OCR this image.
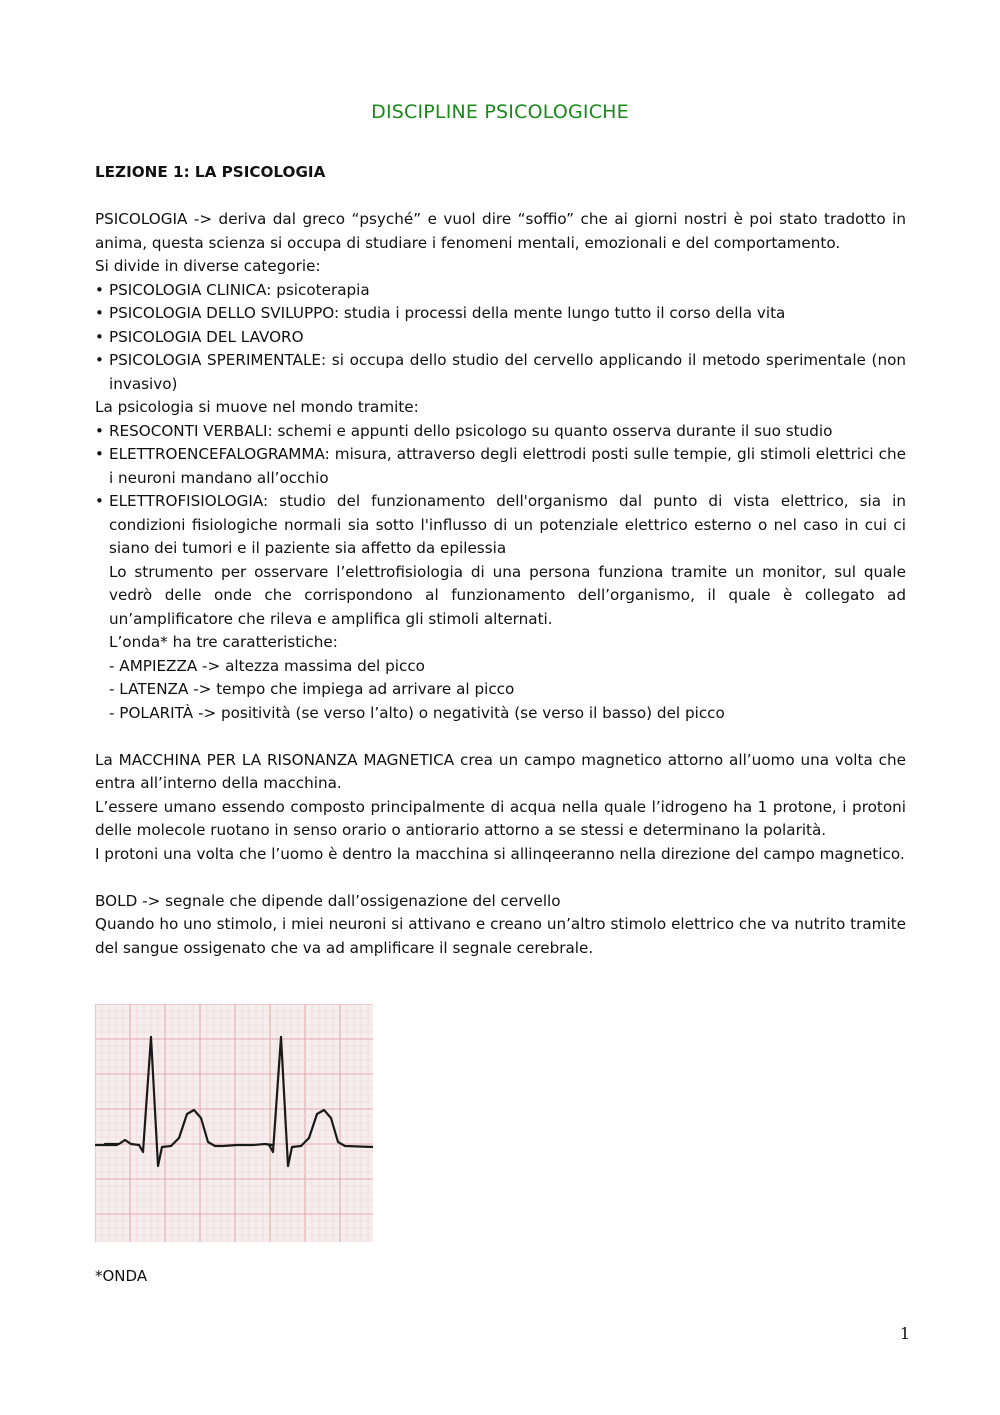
DISCIPLINE PSICOLOGICHE
LEZIONE 1: LA PSICOLOGIA

PSICOLOGIA -> deriva dal greco “psyché” e vuol dire “soffio” che ai giorni nostri è poi stato tradotto in anima, questa scienza si occupa di studiare i fenomeni mentali, emozionali e del comportamento.

Si divide in diverse categorie:

• PSICOLOGIA CLINICA: psicoterapia
• PSICOLOGIA DELLO SVILUPPO: studia i processi della mente lungo tutto il corso della vita
• PSICOLOGIA DEL LAVORO
• PSICOLOGIA SPERIMENTALE: si occupa dello studio del cervello applicando il metodo sperimentale (non invasivo)

La psicologia si muove nel mondo tramite:

• RESOCONTI VERBALI: schemi e appunti dello psicologo su quanto osserva durante il suo studio
• ELETTROENCEFALOGRAMMA: misura, attraverso degli elettrodi posti sulle tempie, gli stimoli elettrici che i neuroni mandano all’occhio
• ELETTROFISIOLOGIA: studio del funzionamento dell'organismo dal punto di vista elettrico, sia in condizioni fisiologiche normali sia sotto l'influsso di un potenziale elettrico esterno o nel caso in cui ci siano dei tumori e il paziente sia affetto da epilessia

Lo strumento per osservare l’elettrofisiologia di una persona funziona tramite un monitor, sul quale vedrò delle onde che corrispondono al funzionamento dell’organismo, il quale è collegato ad un’amplificatore che rileva e amplifica gli stimoli alternati.

L’onda* ha tre caratteristiche:

- AMPIEZZA -> altezza massima del picco

- LATENZA -> tempo che impiega ad arrivare al picco

- POLARITÀ -> positività (se verso l’alto) o negatività (se verso il basso) del picco

La MACCHINA PER LA RISONANZA MAGNETICA crea un campo magnetico attorno all’uomo una volta che entra all’interno della macchina.

L’essere umano essendo composto principalmente di acqua nella quale l’idrogeno ha 1 protone, i protoni delle molecole ruotano in senso orario o antiorario attorno a se stessi e determinano la polarità.

I protoni una volta che l’uomo è dentro la macchina si allinqeeranno nella direzione del campo magnetico.

BOLD -> segnale che dipende dall’ossigenazione del cervello

Quando ho uno stimolo, i miei neuroni si attivano e creano un’altro stimolo elettrico che va nutrito tramite del sangue ossigenato che va ad amplificare il segnale cerebrale.

*ONDA
1
